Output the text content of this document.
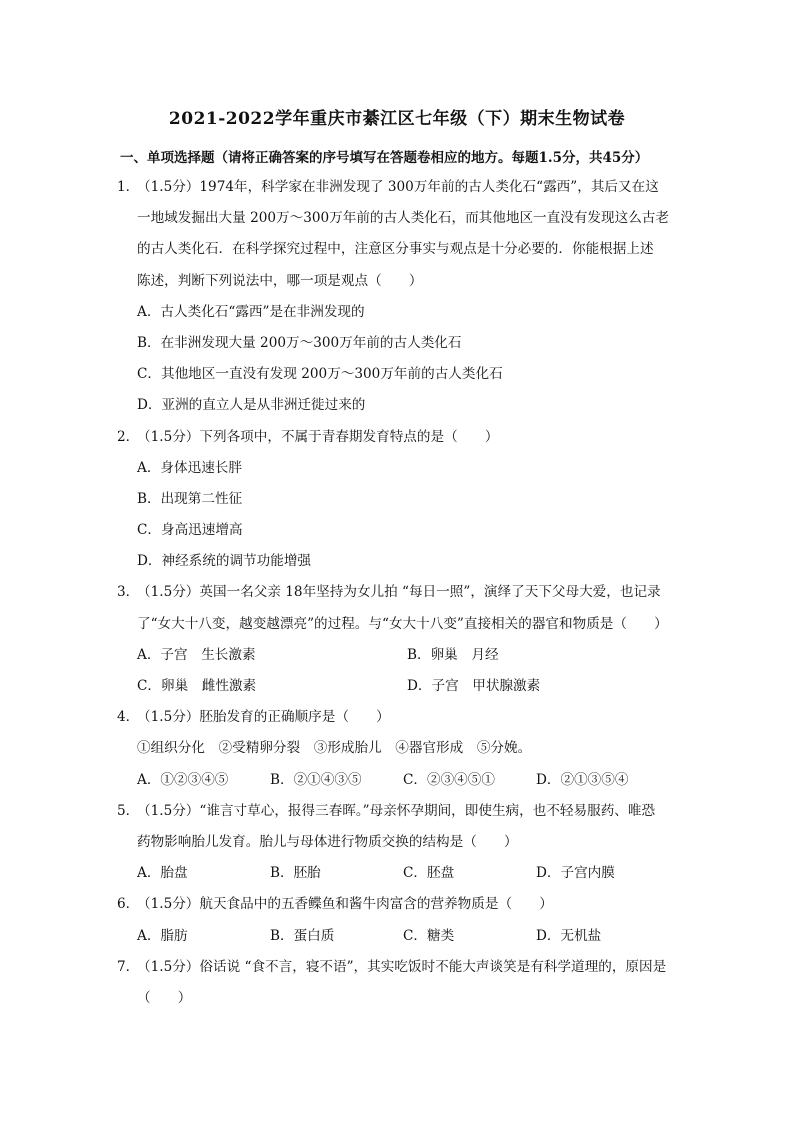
2021-2022学年重庆市綦江区七年级（下）期末生物试卷
一、单项选择题（请将正确答案的序号填写在答题卷相应的地方。每题1.5分，共45分）
1．（1.5分）1974年，科学家在非洲发现了 300万年前的古人类化石“露西”，其后又在这
一地域发掘出大量 200万～300万年前的古人类化石，而其他地区一直没有发现这么古老
的古人类化石．在科学探究过程中，注意区分事实与观点是十分必要的．你能根据上述
陈述，判断下列说法中，哪一项是观点（　　）
A．古人类化石“露西”是在非洲发现的
B．在非洲发现大量 200万～300万年前的古人类化石
C．其他地区一直没有发现 200万～300万年前的古人类化石
D．亚洲的直立人是从非洲迁徙过来的
2．（1.5分）下列各项中，不属于青春期发育特点的是（　　）
A．身体迅速长胖
B．出现第二性征
C．身高迅速增高
D．神经系统的调节功能增强
3．（1.5分）英国一名父亲 18年坚持为女儿拍 “每日一照”，演绎了天下父母大爱，也记录
了“女大十八变，越变越漂亮”的过程。与“女大十八变”直接相关的器官和物质是（　　）
A．子宫　生长激素	B．卵巢　月经
C．卵巢　雌性激素	D．子宫　甲状腺激素
4．（1.5分）胚胎发育的正确顺序是（　　）
①组织分化　②受精卵分裂　③形成胎儿　④器官形成　⑤分娩。
A．①②③④⑤	B．②①④③⑤	C．②③④⑤①	D．②①③⑤④
5．（1.5分）“谁言寸草心，报得三春晖。”母亲怀孕期间，即使生病，也不轻易服药、唯恐
药物影响胎儿发育。胎儿与母体进行物质交换的结构是（　　）
A．胎盘	B．胚胎	C．胚盘	D．子宫内膜
6．（1.5分）航天食品中的五香鲽鱼和酱牛肉富含的营养物质是（　　）
A．脂肪	B．蛋白质	C．糖类	D．无机盐
7．（1.5分）俗话说 “食不言，寝不语”，其实吃饭时不能大声谈笑是有科学道理的，原因是
（　　）
